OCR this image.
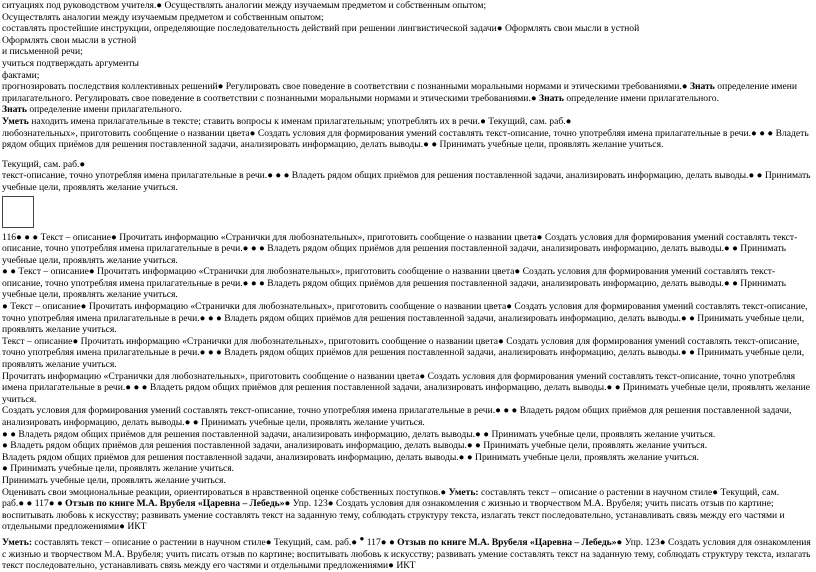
ситуациях под руководством учителя.● Осуществлять аналогии между изучаемым предметом и собственным опытом;
Осуществлять аналогии между изучаемым предметом и собственным опытом;
составлять простейшие инструкции, определяющие последовательность действий при решении лингвистической задачи● Оформлять свои мысли в устной
Оформлять свои мысли в устной
и письменной речи;
учиться подтверждать аргументы
фактами;
прогнозировать последствия коллективных решений● Регулировать свое поведение в соответствии с познанными моральными нормами и этическими требованиями.● Знать определение имени прилагательного. Регулировать свое поведение в соответствии с познанными моральными нормами и этическими требованиями.● Знать определение имени прилагательного.
Знать определение имени прилагательного.
Уметь находить имена прилагательные в тексте; ставить вопросы к именам прилагательным; употреблять их в речи.● Текущий, сам. раб.●
любознательных», приготовить сообщение о названии цвета● Создать условия для формирования умений составлять текст-описание, точно употребляя имена прилагательные в речи.● ● ● Владеть рядом общих приёмов для решения поставленной задачи, анализировать информацию, делать выводы.● ● Принимать учебные цели, проявлять желание учиться.
Текущий, сам. раб.●
текст-описание, точно употребляя имена прилагательные в речи.● ● ● Владеть рядом общих приёмов для решения поставленной задачи, анализировать информацию, делать выводы.● ● Принимать учебные цели, проявлять желание учиться.
116● ● ● Текст – описание● Прочитать информацию «Странички для любознательных», приготовить сообщение о названии цвета● Создать условия для формирования умений составлять текст-описание, точно употребляя имена прилагательные в речи.● ● ● Владеть рядом общих приёмов для решения поставленной задачи, анализировать информацию, делать выводы.● ● Принимать учебные цели, проявлять желание учиться.
● ● Текст – описание● Прочитать информацию «Странички для любознательных», приготовить сообщение о названии цвета● Создать условия для формирования умений составлять текст-описание, точно употребляя имена прилагательные в речи.● ● ● Владеть рядом общих приёмов для решения поставленной задачи, анализировать информацию, делать выводы.● ● Принимать учебные цели, проявлять желание учиться.
● Текст – описание● Прочитать информацию «Странички для любознательных», приготовить сообщение о названии цвета● Создать условия для формирования умений составлять текст-описание, точно употребляя имена прилагательные в речи.● ● ● Владеть рядом общих приёмов для решения поставленной задачи, анализировать информацию, делать выводы.● ● Принимать учебные цели, проявлять желание учиться.
Текст – описание● Прочитать информацию «Странички для любознательных», приготовить сообщение о названии цвета● Создать условия для формирования умений составлять текст-описание, точно употребляя имена прилагательные в речи.● ● ● Владеть рядом общих приёмов для решения поставленной задачи, анализировать информацию, делать выводы.● ● Принимать учебные цели, проявлять желание учиться.
Прочитать информацию «Странички для любознательных», приготовить сообщение о названии цвета● Создать условия для формирования умений составлять текст-описание, точно употребляя имена прилагательные в речи.● ● ● Владеть рядом общих приёмов для решения поставленной задачи, анализировать информацию, делать выводы.● ● Принимать учебные цели, проявлять желание учиться.
Создать условия для формирования умений составлять текст-описание, точно употребляя имена прилагательные в речи.● ● ● Владеть рядом общих приёмов для решения поставленной задачи, анализировать информацию, делать выводы.● ● Принимать учебные цели, проявлять желание учиться.
● ● Владеть рядом общих приёмов для решения поставленной задачи, анализировать информацию, делать выводы.● ● Принимать учебные цели, проявлять желание учиться.
● Владеть рядом общих приёмов для решения поставленной задачи, анализировать информацию, делать выводы.● ● Принимать учебные цели, проявлять желание учиться.
Владеть рядом общих приёмов для решения поставленной задачи, анализировать информацию, делать выводы.● ● Принимать учебные цели, проявлять желание учиться.
● Принимать учебные цели, проявлять желание учиться.
Принимать учебные цели, проявлять желание учиться.
Оценивать свои эмоциональные реакции, ориентироваться в нравственной оценке собственных поступков.● Уметь: составлять текст – описание о растении в научном стиле● Текущий, сам.
раб.● ● 117● ● Отзыв по книге М.А. Врубеля «Царевна – Лебедь»● Упр. 123● Создать условия для ознакомления с жизнью и творчеством М.А. Врубеля; учить писать отзыв по картине; воспитывать любовь к искусству; развивать умение составлять текст на заданную тему, соблюдать структуру текста, излагать текст последовательно, устанавливать связь между его частями и отдельными предложениями● ИКТ
Уметь: составлять текст – описание о растении в научном стиле● Текущий, сам. раб.● ● 117● ● Отзыв по книге М.А. Врубеля «Царевна – Лебедь»● Упр. 123● Создать условия для ознакомления с жизнью и творчеством М.А. Врубеля; учить писать отзыв по картине; воспитывать любовь к искусству; развивать умение составлять текст на заданную тему, соблюдать структуру текста, излагать текст последовательно, устанавливать связь между его частями и отдельными предложениями● ИКТ
